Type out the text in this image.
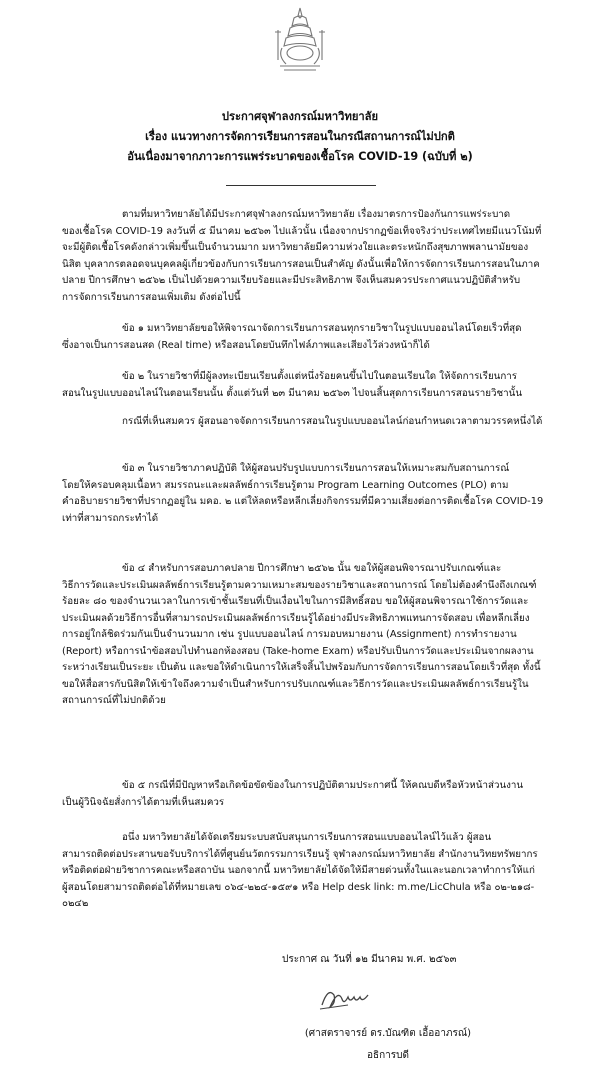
ประกาศจุฬาลงกรณ์มหาวิทยาลัย
เรื่อง แนวทางการจัดการเรียนการสอนในกรณีสถานการณ์ไม่ปกติ
อันเนื่องมาจากภาวะการแพร่ระบาดของเชื้อโรค COVID-19 (ฉบับที่ ๒)

ตามที่มหาวิทยาลัยได้มีประกาศจุฬาลงกรณ์มหาวิทยาลัย เรื่องมาตรการป้องกันการแพร่ระบาด
ของเชื้อโรค COVID-19 ลงวันที่ ๕ มีนาคม ๒๕๖๓ ไปแล้วนั้น เนื่องจากปรากฏข้อเท็จจริงว่าประเทศไทยมีแนวโน้มที่
จะมีผู้ติดเชื้อโรคดังกล่าวเพิ่มขึ้นเป็นจำนวนมาก มหาวิทยาลัยมีความห่วงใยและตระหนักถึงสุขภาพพลานามัยของ
นิสิต บุคลากรตลอดจนบุคคลผู้เกี่ยวข้องกับการเรียนการสอนเป็นสำคัญ ดังนั้นเพื่อให้การจัดการเรียนการสอนในภาค
ปลาย ปีการศึกษา ๒๕๖๒ เป็นไปด้วยความเรียบร้อยและมีประสิทธิภาพ จึงเห็นสมควรประกาศแนวปฏิบัติสำหรับ
การจัดการเรียนการสอนเพิ่มเติม ดังต่อไปนี้

ข้อ ๑ มหาวิทยาลัยขอให้พิจารณาจัดการเรียนการสอนทุกรายวิชาในรูปแบบออนไลน์โดยเร็วที่สุด
ซึ่งอาจเป็นการสอนสด (Real time) หรือสอนโดยบันทึกไฟล์ภาพและเสียงไว้ล่วงหน้าก็ได้

ข้อ ๒ ในรายวิชาที่มีผู้ลงทะเบียนเรียนตั้งแต่หนึ่งร้อยคนขึ้นไปในตอนเรียนใด ให้จัดการเรียนการ
สอนในรูปแบบออนไลน์ในตอนเรียนนั้น ตั้งแต่วันที่ ๒๓ มีนาคม ๒๕๖๓ ไปจนสิ้นสุดการเรียนการสอนรายวิชานั้น

กรณีที่เห็นสมควร ผู้สอนอาจจัดการเรียนการสอนในรูปแบบออนไลน์ก่อนกำหนดเวลาตามวรรคหนึ่งได้

ข้อ ๓ ในรายวิชาภาคปฏิบัติ ให้ผู้สอนปรับรูปแบบการเรียนการสอนให้เหมาะสมกับสถานการณ์
โดยให้ครอบคลุมเนื้อหา สมรรถนะและผลลัพธ์การเรียนรู้ตาม Program Learning Outcomes (PLO) ตาม
คำอธิบายรายวิชาที่ปรากฏอยู่ใน มคอ. ๒ แต่ให้ลดหรือหลีกเลี่ยงกิจกรรมที่มีความเสี่ยงต่อการติดเชื้อโรค COVID-19
เท่าที่สามารถกระทำได้

ข้อ ๔ สำหรับการสอบภาคปลาย ปีการศึกษา ๒๕๖๒ นั้น ขอให้ผู้สอนพิจารณาปรับเกณฑ์และ
วิธีการวัดและประเมินผลลัพธ์การเรียนรู้ตามความเหมาะสมของรายวิชาและสถานการณ์ โดยไม่ต้องคำนึงถึงเกณฑ์
ร้อยละ ๘๐ ของจำนวนเวลาในการเข้าชั้นเรียนที่เป็นเงื่อนไขในการมีสิทธิ์สอบ ขอให้ผู้สอนพิจารณาใช้การวัดและ
ประเมินผลด้วยวิธีการอื่นที่สามารถประเมินผลลัพธ์การเรียนรู้ได้อย่างมีประสิทธิภาพแทนการจัดสอบ เพื่อหลีกเลี่ยง
การอยู่ใกล้ชิดร่วมกันเป็นจำนวนมาก เช่น รูปแบบออนไลน์ การมอบหมายงาน (Assignment) การทำรายงาน
(Report) หรือการนำข้อสอบไปทำนอกห้องสอบ (Take-home Exam) หรือปรับเป็นการวัดและประเมินจากผลงาน
ระหว่างเรียนเป็นระยะ เป็นต้น และขอให้ดำเนินการให้เสร็จสิ้นไปพร้อมกับการจัดการเรียนการสอนโดยเร็วที่สุด ทั้งนี้
ขอให้สื่อสารกับนิสิตให้เข้าใจถึงความจำเป็นสำหรับการปรับเกณฑ์และวิธีการวัดและประเมินผลลัพธ์การเรียนรู้ใน
สถานการณ์ที่ไม่ปกติด้วย

ข้อ ๕ กรณีที่มีปัญหาหรือเกิดข้อขัดข้องในการปฏิบัติตามประกาศนี้ ให้คณบดีหรือหัวหน้าส่วนงาน
เป็นผู้วินิจฉัยสั่งการได้ตามที่เห็นสมควร

อนึ่ง มหาวิทยาลัยได้จัดเตรียมระบบสนับสนุนการเรียนการสอนแบบออนไลน์ไว้แล้ว ผู้สอน
สามารถติดต่อประสานขอรับบริการได้ที่ศูนย์นวัตกรรมการเรียนรู้ จุฬาลงกรณ์มหาวิทยาลัย สำนักงานวิทยทรัพยากร
หรือติดต่อฝ่ายวิชาการคณะหรือสถาบัน นอกจากนี้ มหาวิทยาลัยได้จัดให้มีสายด่วนทั้งในและนอกเวลาทำการให้แก่
ผู้สอนโดยสามารถติดต่อได้ที่หมายเลข ๐๖๔-๒๒๔-๑๕๙๑ หรือ Help desk link: m.me/LicChula หรือ ๐๒-๒๑๘-
๐๒๔๒

ประกาศ ณ วันที่ ๑๒ มีนาคม พ.ศ. ๒๕๖๓
(ศาสตราจารย์ ดร.บัณฑิต เอื้ออาภรณ์)
อธิการบดี
